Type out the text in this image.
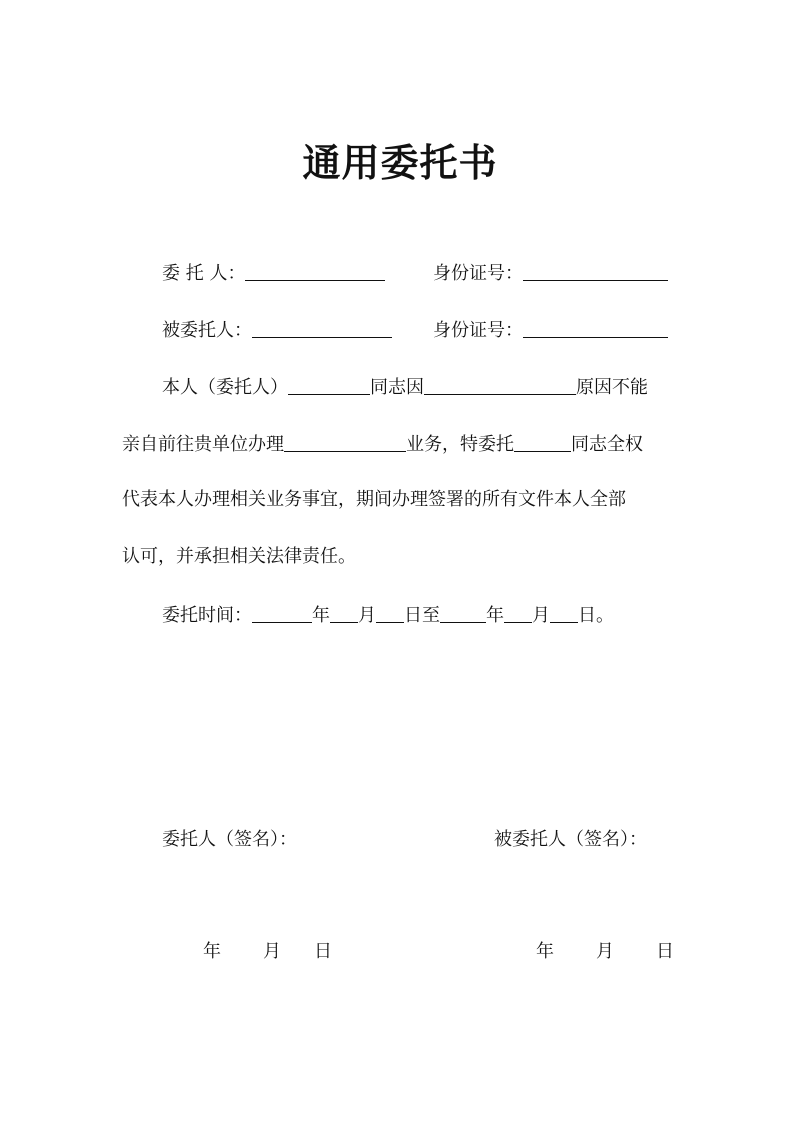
通用委托书
委 托 人：	身份证号：
被委托人：	身份证号：
本人（委托人）	同志因	原因不能
亲自前往贵单位办理	业务，特委托	同志全权
代表本人办理相关业务事宜，期间办理签署的所有文件本人全部
认可，并承担相关法律责任。
委托时间：	年 月 日至	年 月 日。
委托人（签名）：	被委托人（签名）：
年 月 日	年 月 日
